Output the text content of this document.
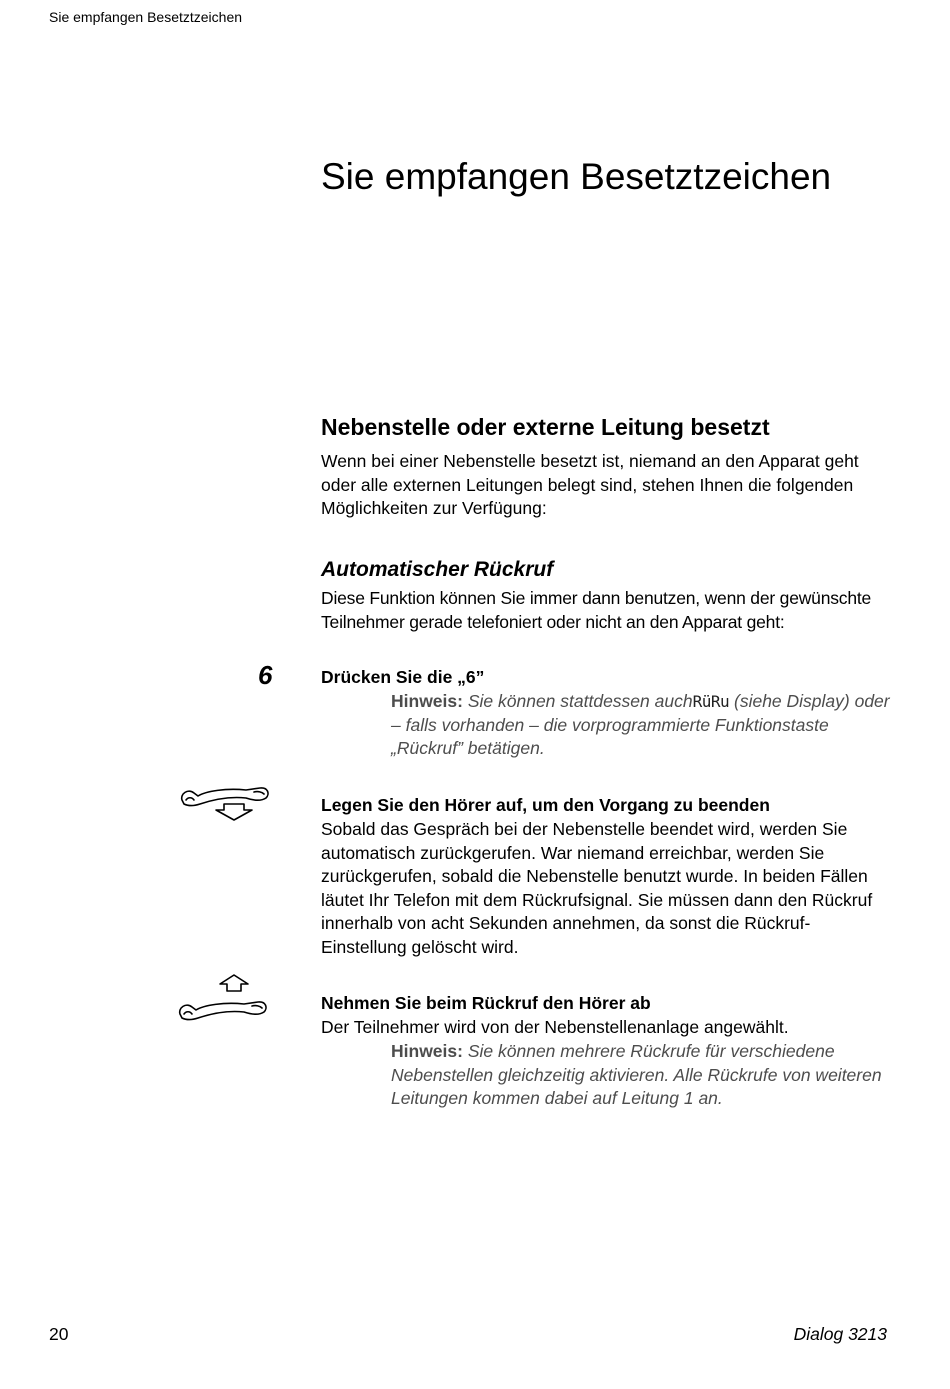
Sie empfangen Besetztzeichen
Sie empfangen Besetztzeichen
Nebenstelle oder externe Leitung besetzt
Wenn bei einer Nebenstelle besetzt ist, niemand an den Apparat geht oder alle externen Leitungen belegt sind, stehen Ihnen die folgenden Möglichkeiten zur Verfügung:
Automatischer Rückruf
Diese Funktion können Sie immer dann benutzen, wenn der gewünschte Teilnehmer gerade telefoniert oder nicht an den Apparat geht:
6	Drücken Sie die „6”
Hinweis: Sie können stattdessen auchRüRu (siehe Display) oder – falls vorhanden – die vorprogrammierte Funktionstaste „Rückruf” betätigen.
Legen Sie den Hörer auf, um den Vorgang zu beenden
Sobald das Gespräch bei der Nebenstelle beendet wird, werden Sie automatisch zurückgerufen. War niemand erreichbar, werden Sie zurückgerufen, sobald die Nebenstelle benutzt wurde. In beiden Fällen läutet Ihr Telefon mit dem Rückrufsignal. Sie müssen dann den Rückruf innerhalb von acht Sekunden annehmen, da sonst die Rückruf-Einstellung gelöscht wird.
Nehmen Sie beim Rückruf den Hörer ab
Der Teilnehmer wird von der Nebenstellenanlage angewählt.
Hinweis: Sie können mehrere Rückrufe für verschiedene Nebenstellen gleichzeitig aktivieren. Alle Rückrufe von weiteren Leitungen kommen dabei auf Leitung 1 an.
20	Dialog 3213
